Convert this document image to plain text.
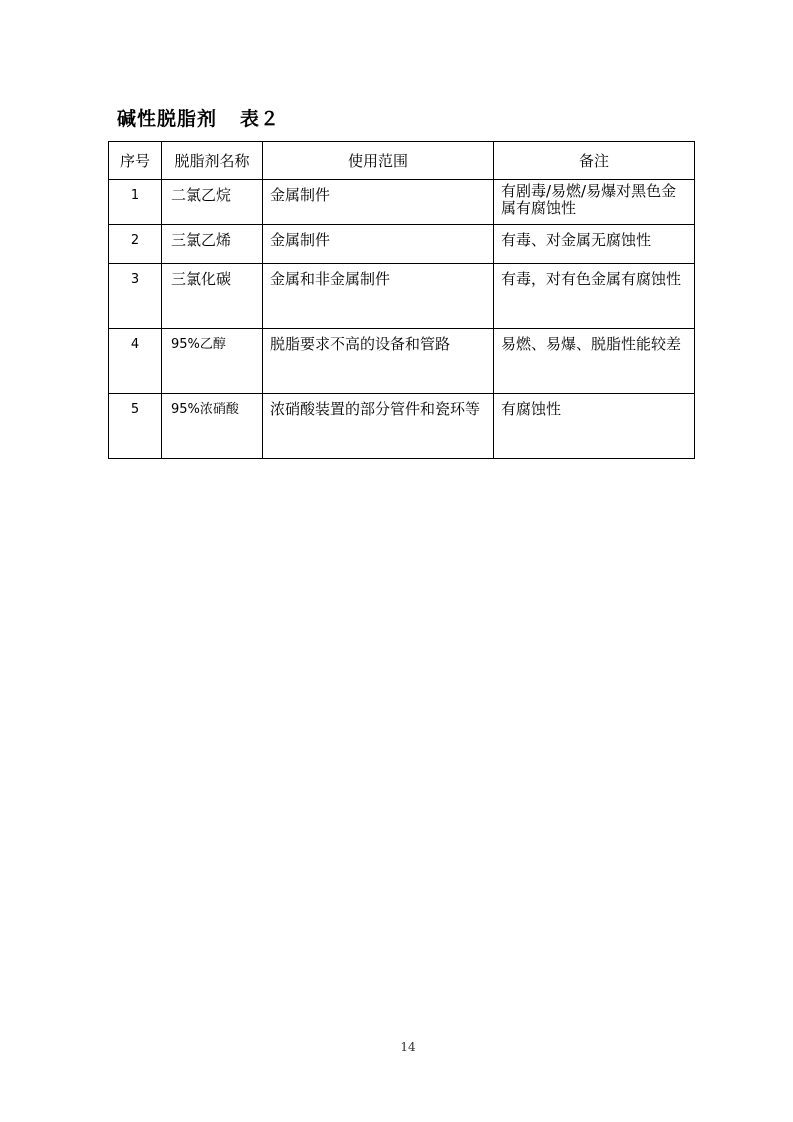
碱性脱脂剂   表２
序号	脱脂剂名称	使用范围	备注
1	二氯乙烷	金属制件	有剧毒/易燃/易爆对黑色金属有腐蚀性
2	三氯乙烯	金属制件	有毒、对金属无腐蚀性
3	三氯化碳	金属和非金属制件	有毒，对有色金属有腐蚀性
4	95%乙醇	脱脂要求不高的设备和管路	易燃、易爆、脱脂性能较差
5	95%浓硝酸	浓硝酸装置的部分管件和瓷环等	有腐蚀性
14
